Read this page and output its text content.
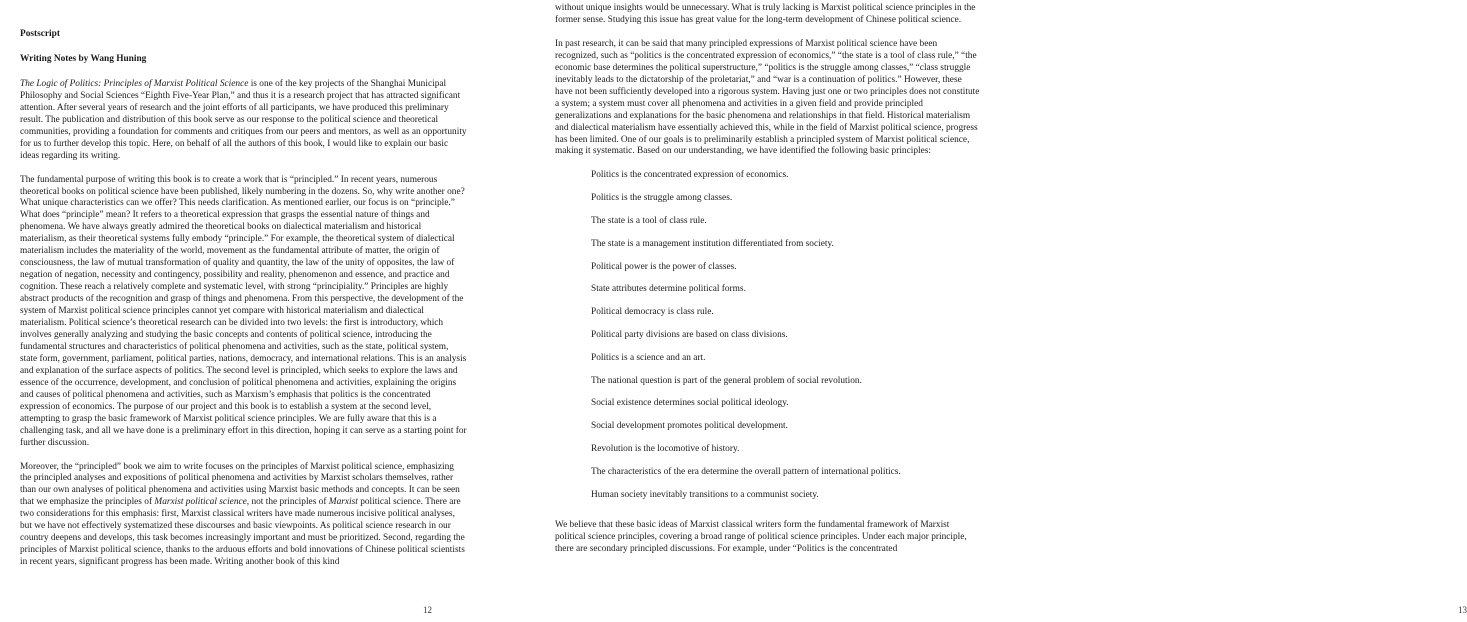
Postscript
Writing Notes by Wang Huning

The Logic of Politics: Principles of Marxist Political Science is one of the key projects of the Shanghai Municipal Philosophy and Social Sciences “Eighth Five-Year Plan,” and thus it is a research project that has attracted significant attention. After several years of research and the joint efforts of all participants, we have produced this preliminary result. The publication and distribution of this book serve as our response to the political science and theoretical communities, providing a foundation for comments and critiques from our peers and mentors, as well as an opportunity for us to further develop this topic. Here, on behalf of all the authors of this book, I would like to explain our basic ideas regarding its writing.

The fundamental purpose of writing this book is to create a work that is “principled.” In recent years, numerous theoretical books on political science have been published, likely numbering in the dozens. So, why write another one? What unique characteristics can we offer? This needs clarification. As mentioned earlier, our focus is on “principle.” What does “principle” mean? It refers to a theoretical expression that grasps the essential nature of things and phenomena. We have always greatly admired the theoretical books on dialectical materialism and historical materialism, as their theoretical systems fully embody “principle.” For example, the theoretical system of dialectical materialism includes the materiality of the world, movement as the fundamental attribute of matter, the origin of consciousness, the law of mutual transformation of quality and quantity, the law of the unity of opposites, the law of negation of negation, necessity and contingency, possibility and reality, phenomenon and essence, and practice and cognition. These reach a relatively complete and systematic level, with strong “principiality.” Principles are highly abstract products of the recognition and grasp of things and phenomena. From this perspective, the development of the system of Marxist political science principles cannot yet compare with historical materialism and dialectical materialism. Political science’s theoretical research can be divided into two levels: the first is introductory, which involves generally analyzing and studying the basic concepts and contents of political science, introducing the fundamental structures and characteristics of political phenomena and activities, such as the state, political system, state form, government, parliament, political parties, nations, democracy, and international relations. This is an analysis and explanation of the surface aspects of politics. The second level is principled, which seeks to explore the laws and essence of the occurrence, development, and conclusion of political phenomena and activities, explaining the origins and causes of political phenomena and activities, such as Marxism’s emphasis that politics is the concentrated expression of economics. The purpose of our project and this book is to establish a system at the second level, attempting to grasp the basic framework of Marxist political science principles. We are fully aware that this is a challenging task, and all we have done is a preliminary effort in this direction, hoping it can serve as a starting point for further discussion.

Moreover, the “principled” book we aim to write focuses on the principles of Marxist political science, emphasizing the principled analyses and expositions of political phenomena and activities by Marxist scholars themselves, rather than our own analyses of political phenomena and activities using Marxist basic methods and concepts. It can be seen that we emphasize the principles of Marxist political science, not the principles of Marxist political science. There are two considerations for this emphasis: first, Marxist classical writers have made numerous incisive political analyses, but we have not effectively systematized these discourses and basic viewpoints. As political science research in our country deepens and develops, this task becomes increasingly important and must be prioritized. Second, regarding the principles of Marxist political science, thanks to the arduous efforts and bold innovations of Chinese political scientists in recent years, significant progress has been made. Writing another book of this kind

12	13

without unique insights would be unnecessary. What is truly lacking is Marxist political science principles in the former sense. Studying this issue has great value for the long-term development of Chinese political science.

In past research, it can be said that many principled expressions of Marxist political science have been recognized, such as “politics is the concentrated expression of economics,” “the state is a tool of class rule,” “the economic base determines the political superstructure,” “politics is the struggle among classes,” “class struggle inevitably leads to the dictatorship of the proletariat,” and “war is a continuation of politics.” However, these have not been sufficiently developed into a rigorous system. Having just one or two principles does not constitute a system; a system must cover all phenomena and activities in a given field and provide principled generalizations and explanations for the basic phenomena and relationships in that field. Historical materialism and dialectical materialism have essentially achieved this, while in the field of Marxist political science, progress has been limited. One of our goals is to preliminarily establish a principled system of Marxist political science, making it systematic. Based on our understanding, we have identified the following basic principles:

Politics is the concentrated expression of economics.
Politics is the struggle among classes.
The state is a tool of class rule.
The state is a management institution differentiated from society.
Political power is the power of classes.
State attributes determine political forms.
Political democracy is class rule.
Political party divisions are based on class divisions.
Politics is a science and an art.
The national question is part of the general problem of social revolution.
Social existence determines social political ideology.
Social development promotes political development.
Revolution is the locomotive of history.
The characteristics of the era determine the overall pattern of international politics.
Human society inevitably transitions to a communist society.

We believe that these basic ideas of Marxist classical writers form the fundamental framework of Marxist political science principles, covering a broad range of political science principles. Under each major principle, there are secondary principled discussions. For example, under “Politics is the concentrated
